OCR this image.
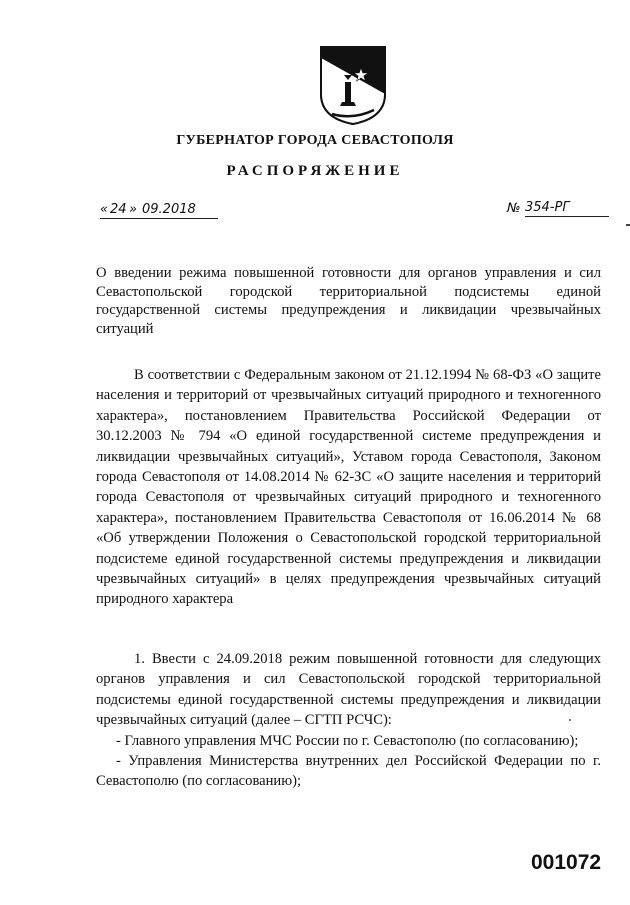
ГУБЕРНАТОР ГОРОДА СЕВАСТОПОЛЯ
РАСПОРЯЖЕНИЕ
« 24 » 09.2018	№ 354-РГ
О введении режима повышенной готовности для органов управления и сил Севастопольской городской территориальной подсистемы единой государственной системы предупреждения и ликвидации чрезвычайных ситуаций

В соответствии с Федеральным законом от 21.12.1994 № 68-ФЗ «О защите населения и территорий от чрезвычайных ситуаций природного и техногенного характера», постановлением Правительства Российской Федерации от 30.12.2003 № 794 «О единой государственной системе предупреждения и ликвидации чрезвычайных ситуаций», Уставом города Севастополя, Законом города Севастополя от 14.08.2014 № 62-ЗС «О защите населения и территорий города Севастополя от чрезвычайных ситуаций природного и техногенного характера», постановлением Правительства Севастополя от 16.06.2014 № 68 «Об утверждении Положения о Севастопольской городской территориальной подсистеме единой государственной системы предупреждения и ликвидации чрезвычайных ситуаций» в целях предупреждения чрезвычайных ситуаций природного характера

1. Ввести с 24.09.2018 режим повышенной готовности для следующих органов управления и сил Севастопольской городской территориальной подсистемы единой государственной системы предупреждения и ликвидации чрезвычайных ситуаций (далее – СГТП РСЧС):

- Главного управления МЧС России по г. Севастополю (по согласованию);

- Управления Министерства внутренних дел Российской Федерации по г. Севастополю (по согласованию);

001072
